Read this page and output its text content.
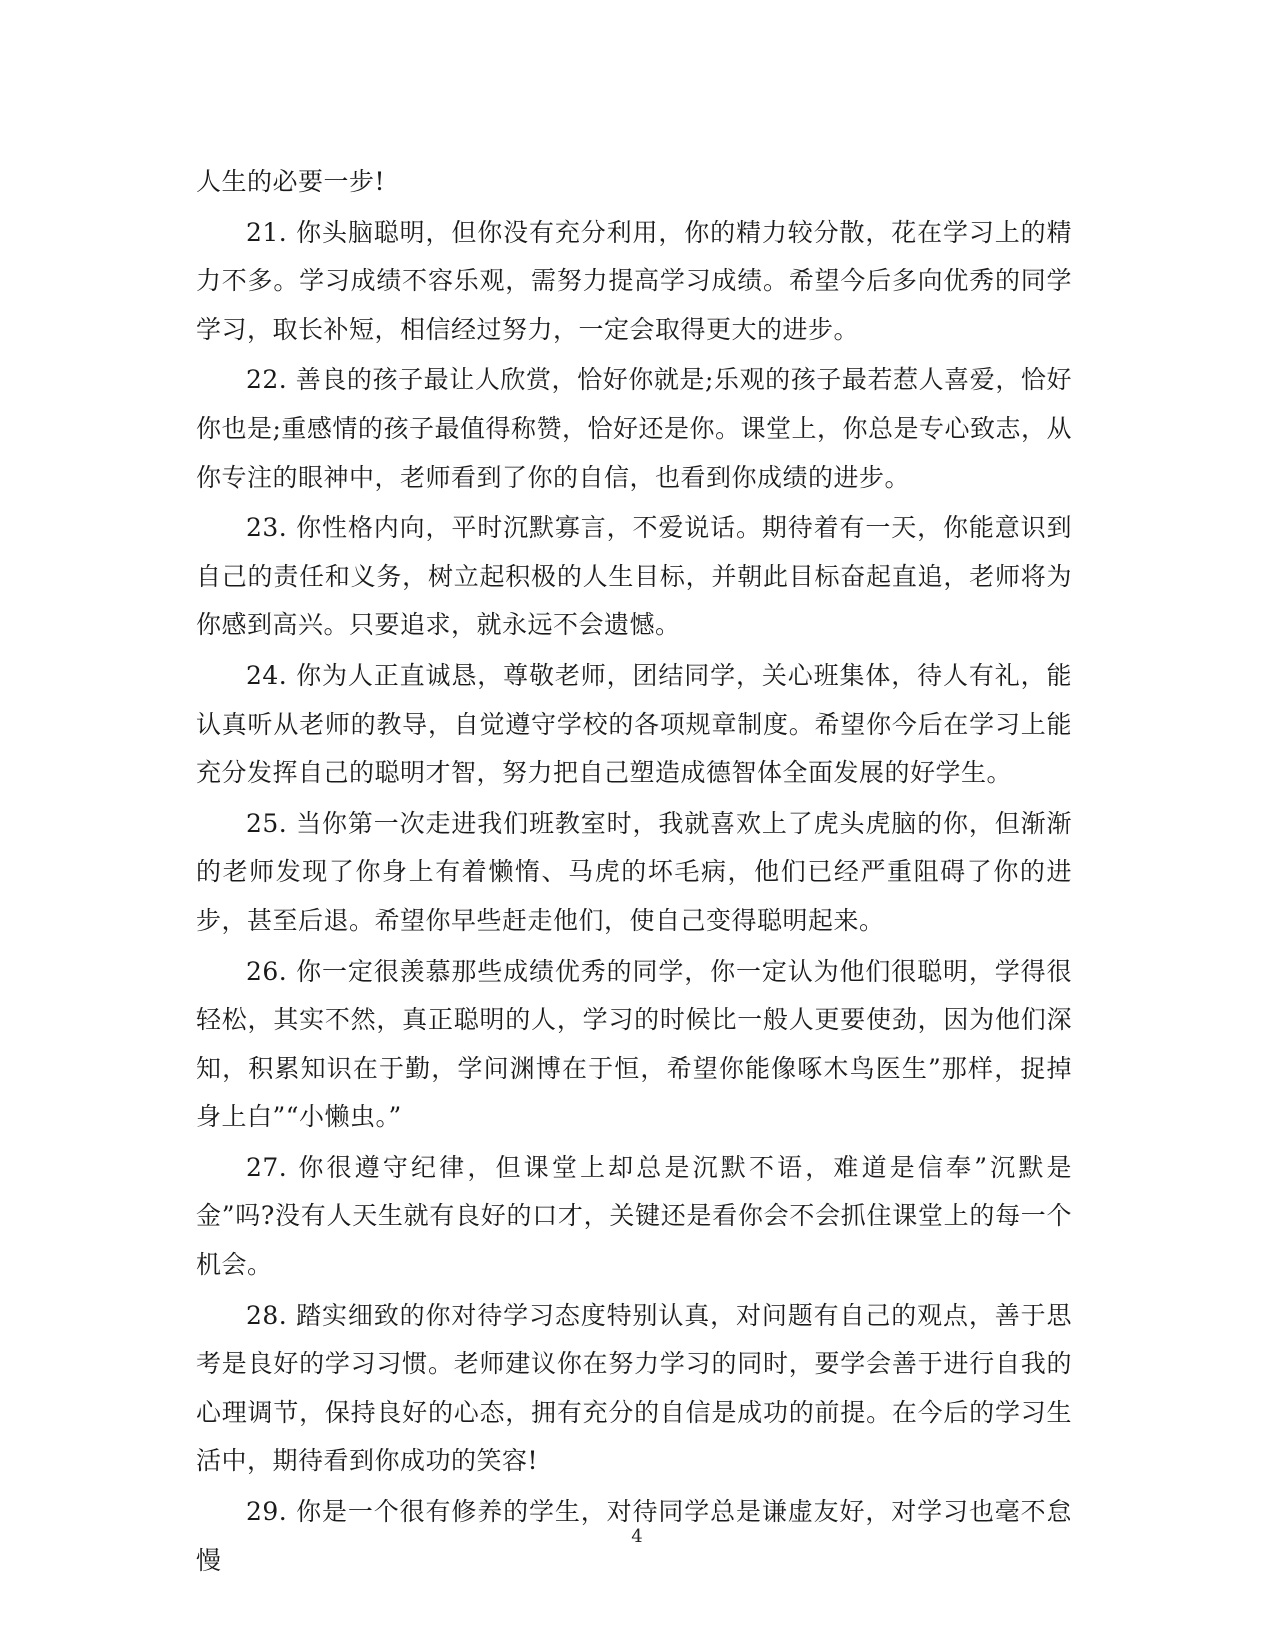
人生的必要一步!

21. 你头脑聪明，但你没有充分利用，你的精力较分散，花在学习上的精力不多。学习成绩不容乐观，需努力提高学习成绩。希望今后多向优秀的同学学习，取长补短，相信经过努力，一定会取得更大的进步。

22. 善良的孩子最让人欣赏，恰好你就是;乐观的孩子最若惹人喜爱，恰好你也是;重感情的孩子最值得称赞，恰好还是你。课堂上，你总是专心致志，从你专注的眼神中，老师看到了你的自信，也看到你成绩的进步。

23. 你性格内向，平时沉默寡言，不爱说话。期待着有一天，你能意识到自己的责任和义务，树立起积极的人生目标，并朝此目标奋起直追，老师将为你感到高兴。只要追求，就永远不会遗憾。

24. 你为人正直诚恳，尊敬老师，团结同学，关心班集体，待人有礼，能认真听从老师的教导，自觉遵守学校的各项规章制度。希望你今后在学习上能充分发挥自己的聪明才智，努力把自己塑造成德智体全面发展的好学生。

25. 当你第一次走进我们班教室时，我就喜欢上了虎头虎脑的你，但渐渐的老师发现了你身上有着懒惰、马虎的坏毛病，他们已经严重阻碍了你的进步，甚至后退。希望你早些赶走他们，使自己变得聪明起来。

26. 你一定很羡慕那些成绩优秀的同学，你一定认为他们很聪明，学得很轻松，其实不然，真正聪明的人，学习的时候比一般人更要使劲，因为他们深知，积累知识在于勤，学问渊博在于恒，希望你能像啄木鸟医生”那样，捉掉身上白”“小懒虫。”

27. 你很遵守纪律，但课堂上却总是沉默不语，难道是信奉”沉默是金”吗?没有人天生就有良好的口才，关键还是看你会不会抓住课堂上的每一个机会。

28. 踏实细致的你对待学习态度特别认真，对问题有自己的观点，善于思考是良好的学习习惯。老师建议你在努力学习的同时，要学会善于进行自我的心理调节，保持良好的心态，拥有充分的自信是成功的前提。在今后的学习生活中，期待看到你成功的笑容!

29. 你是一个很有修养的学生，对待同学总是谦虚友好，对学习也毫不怠慢

4
